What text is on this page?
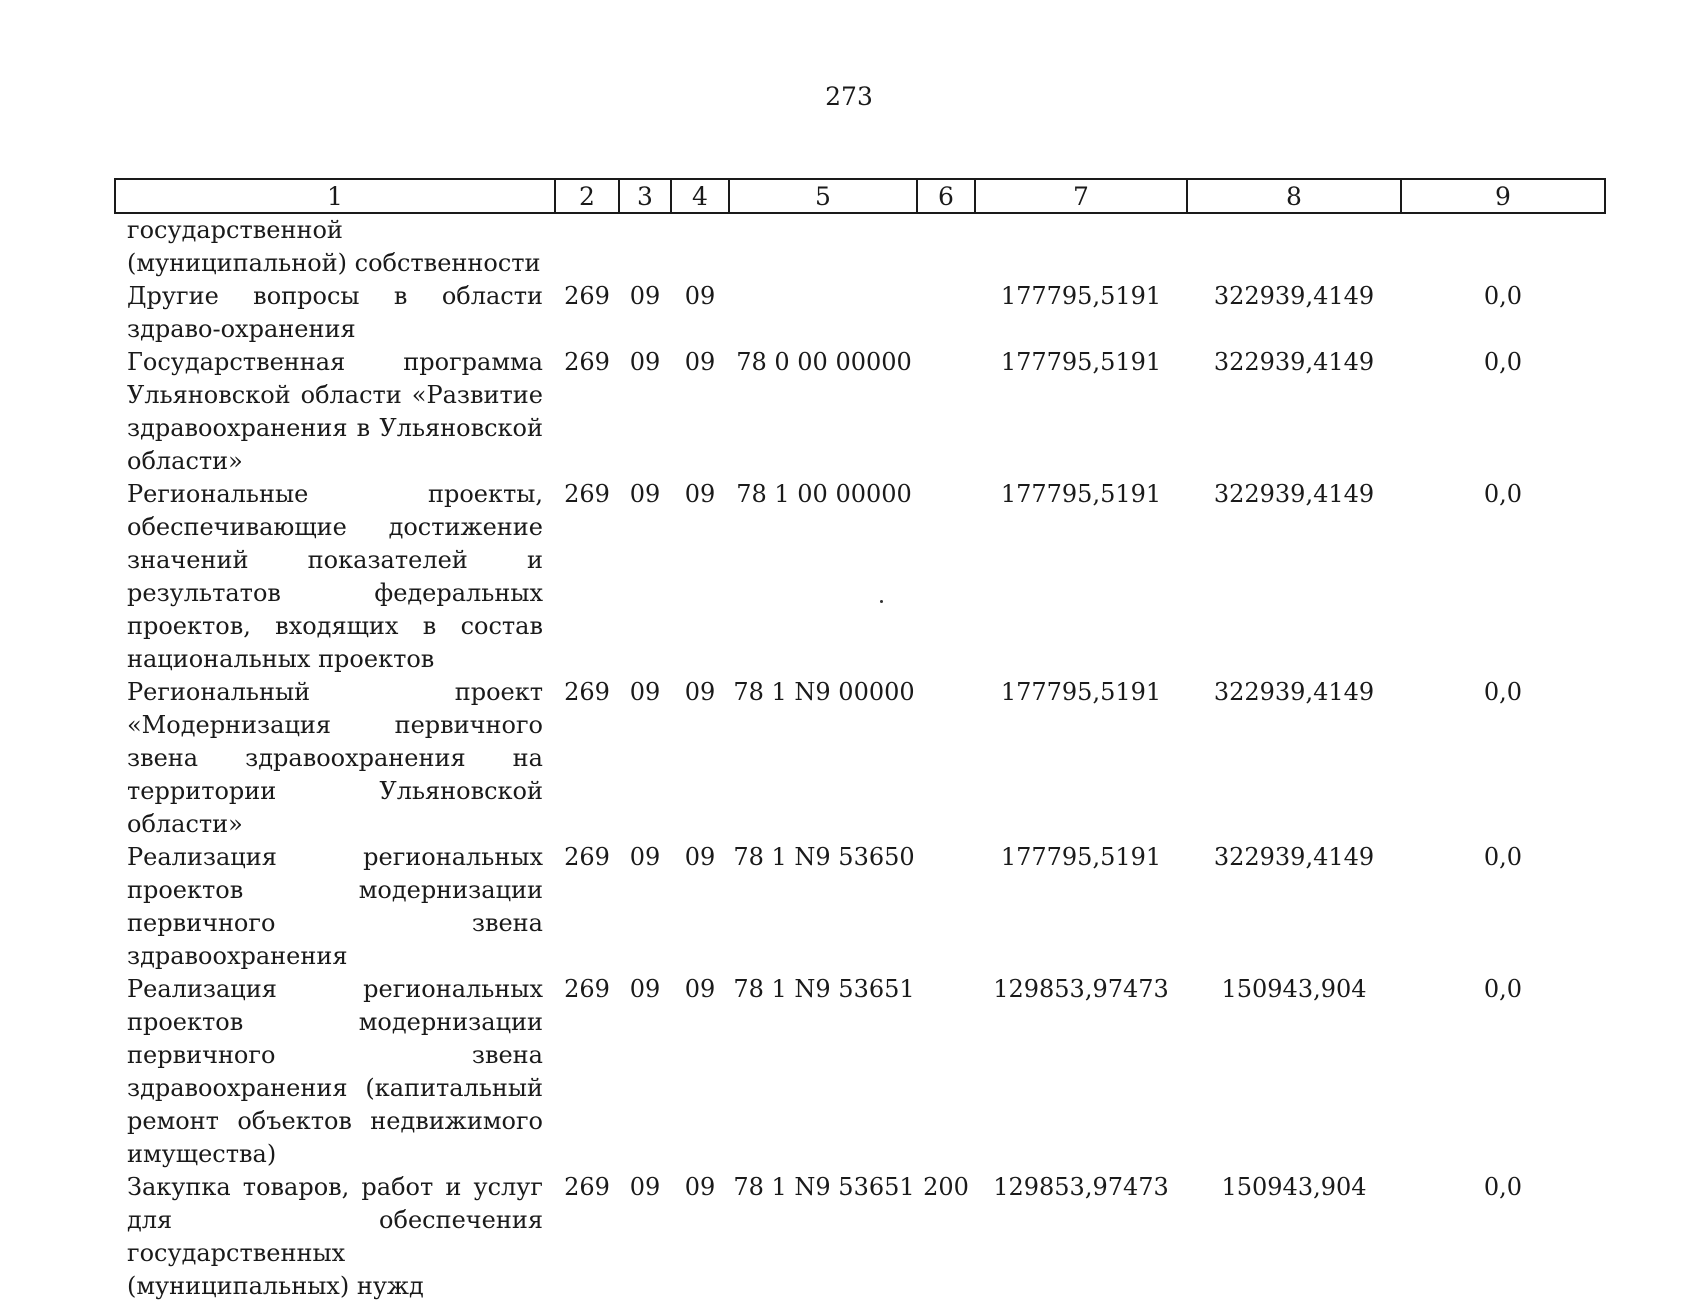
273
1	2	3	4	5	6	7	8	9
государственной (муниципальной) собственности								
Другие вопросы в области здраво-охранения	269	09	09			177795,5191	322939,4149	0,0
Государственная программа Ульяновской области «Развитие здравоохранения в Ульяновской области»	269	09	09	78 0 00 00000		177795,5191	322939,4149	0,0
Региональные проекты, обеспечивающие достижение значений показателей и результатов федеральных проектов, входящих в состав национальных проектов	269	09	09	78 1 00 00000		177795,5191	322939,4149	0,0
Региональный проект «Модернизация первичного звена здравоохранения на территории Ульяновской области»	269	09	09	78 1 N9 00000		177795,5191	322939,4149	0,0
Реализация региональных проектов модернизации первичного звена здравоохранения	269	09	09	78 1 N9 53650		177795,5191	322939,4149	0,0
Реализация региональных проектов модернизации первичного звена здравоохранения (капитальный ремонт объектов недвижимого имущества)	269	09	09	78 1 N9 53651		129853,97473	150943,904	0,0
Закупка товаров, работ и услуг для обеспечения государственных (муниципальных) нужд	269	09	09	78 1 N9 53651	200	129853,97473	150943,904	0,0
